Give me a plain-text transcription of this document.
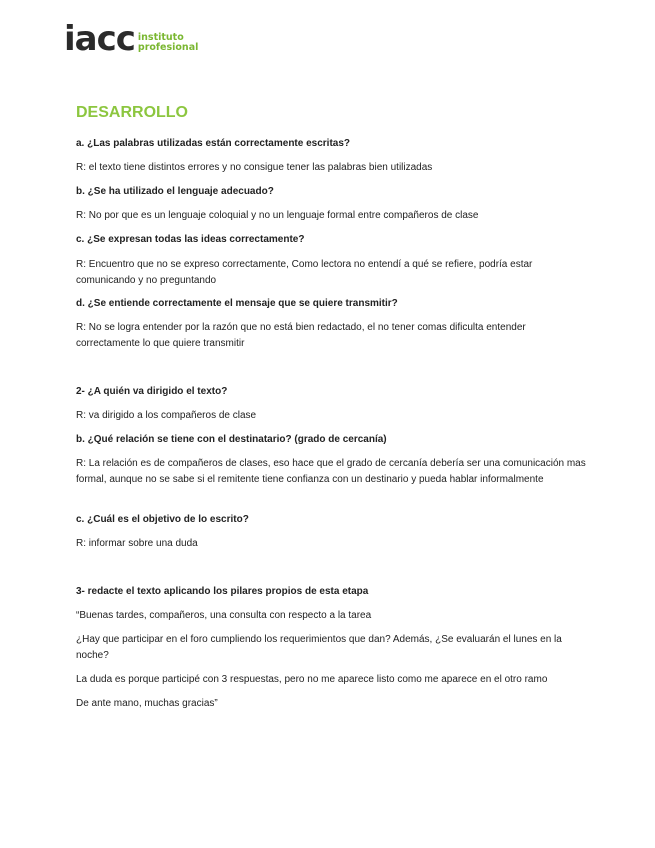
iacc instituto
profesional
DESARROLLO

a. ¿Las palabras utilizadas están correctamente escritas?

R: el texto tiene distintos errores y no consigue tener las palabras bien utilizadas

b. ¿Se ha utilizado el lenguaje adecuado?

R: No por que es un lenguaje coloquial y no un lenguaje formal entre compañeros de clase

c. ¿Se expresan todas las ideas correctamente?

R: Encuentro que no se expreso correctamente, Como lectora no entendí a qué se refiere, podría estar comunicando y no preguntando

d. ¿Se entiende correctamente el mensaje que se quiere transmitir?

R: No se logra entender por la razón que no está bien redactado, el no tener comas dificulta entender correctamente lo que quiere transmitir

2- ¿A quién va dirigido el texto?

R: va dirigido a los compañeros de clase

b. ¿Qué relación se tiene con el destinatario? (grado de cercanía)

R: La relación es de compañeros de clases, eso hace que el grado de cercanía debería ser una comunicación mas formal, aunque no se sabe si el remitente tiene confianza con un destinario y pueda hablar informalmente

c. ¿Cuál es el objetivo de lo escrito?

R: informar sobre una duda

3- redacte el texto aplicando los pilares propios de esta etapa

“Buenas tardes, compañeros, una consulta con respecto a la tarea

¿Hay que participar en el foro cumpliendo los requerimientos que dan? Además, ¿Se evaluarán el lunes en la noche?

La duda es porque participé con 3 respuestas, pero no me aparece listo como me aparece en el otro ramo

De ante mano, muchas gracias”
